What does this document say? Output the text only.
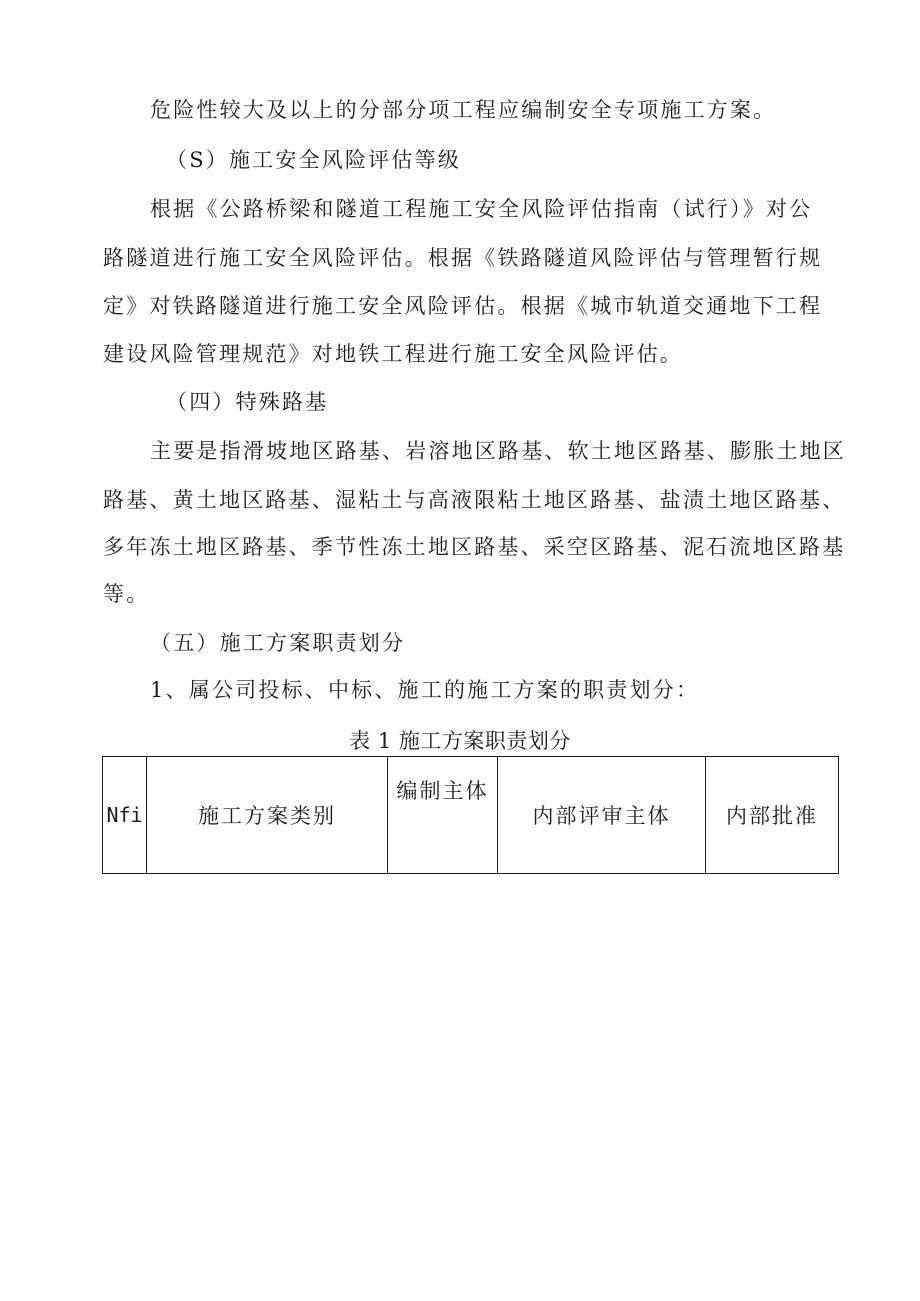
危险性较大及以上的分部分项工程应编制安全专项施工方案。
（S）施工安全风险评估等级
根据《公路桥梁和隧道工程施工安全风险评估指南（试行）》对公
路隧道进行施工安全风险评估。根据《铁路隧道风险评估与管理暂行规
定》对铁路隧道进行施工安全风险评估。根据《城市轨道交通地下工程
建设风险管理规范》对地铁工程进行施工安全风险评估。
（四）特殊路基
主要是指滑坡地区路基、岩溶地区路基、软土地区路基、膨胀土地区
路基、黄土地区路基、湿粘土与高液限粘土地区路基、盐渍土地区路基、
多年冻土地区路基、季节性冻土地区路基、采空区路基、泥石流地区路基
等。
（五）施工方案职责划分
1、属公司投标、中标、施工的施工方案的职责划分：
表 1 施工方案职责划分
Nfi	施工方案类别	编制主体	内部评审主体	内部批准
